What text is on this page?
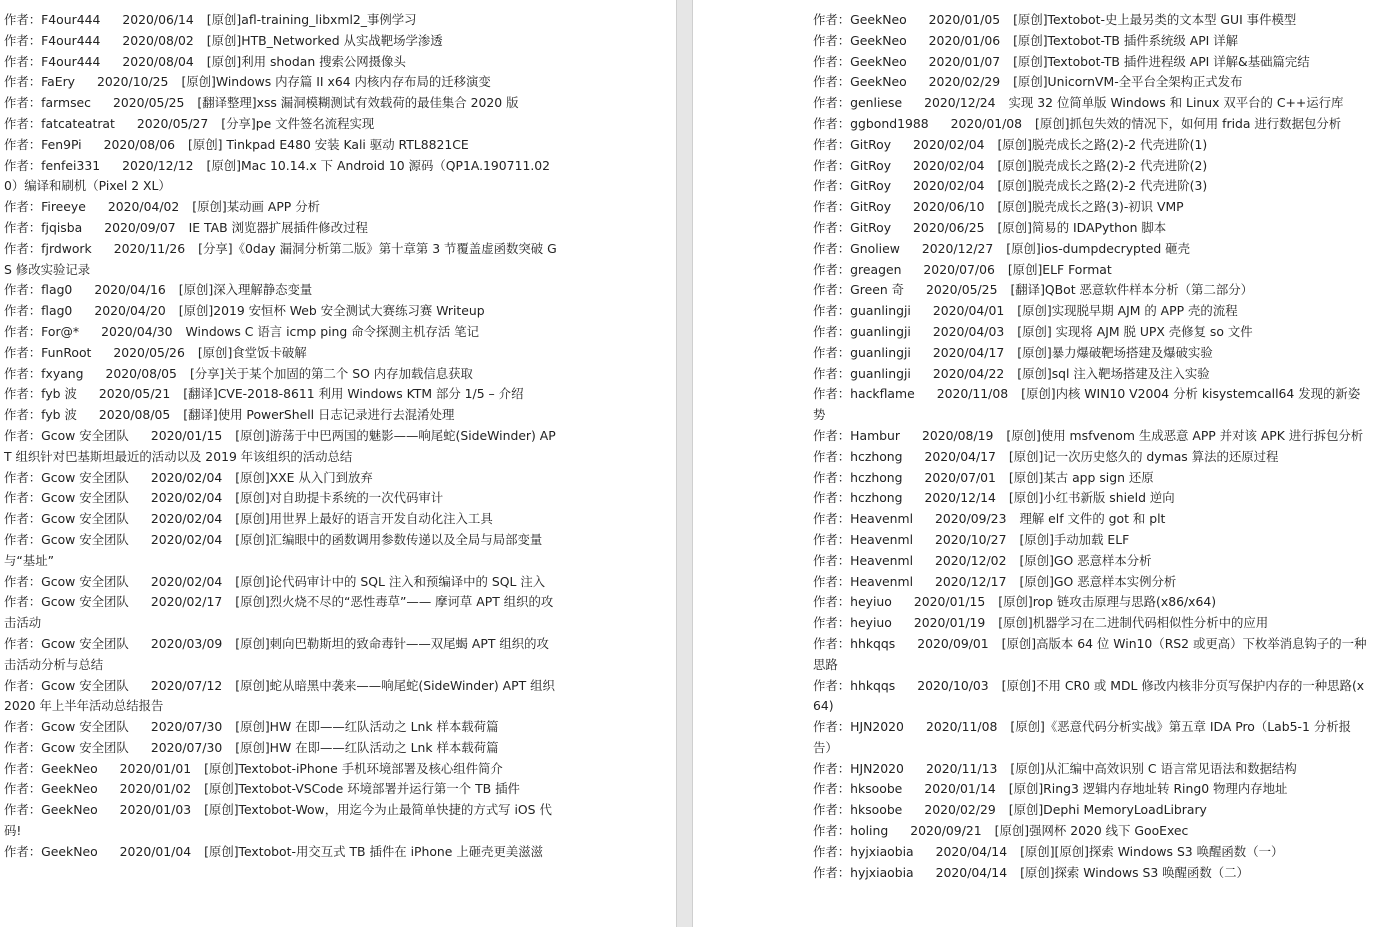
作者：F4our444 2020/06/14 [原创]afl-training_libxml2_事例学习

作者：F4our444 2020/08/02 [原创]HTB_Networked 从实战靶场学渗透

作者：F4our444 2020/08/04 [原创]利用 shodan 搜索公网摄像头

作者：FaEry 2020/10/25 [原创]Windows 内存篇 II x64 内核内存布局的迁移演变

作者：farmsec 2020/05/25 [翻译整理]xss 漏洞模糊测试有效载荷的最佳集合 2020 版

作者：fatcateatrat 2020/05/27 [分享]pe 文件签名流程实现

作者：Fen9Pi 2020/08/06 [原创] Tinkpad E480 安装 Kali 驱动 RTL8821CE

作者：fenfei331 2020/12/12 [原创]Mac 10.14.x 下 Android 10 源码（QP1A.190711.020）编译和刷机（Pixel 2 XL）

作者：Fireeye 2020/04/02 [原创]某动画 APP 分析

作者：fjqisba 2020/09/07 IE TAB 浏览器扩展插件修改过程

作者：fjrdwork 2020/11/26 [分享]《0day 漏洞分析第二版》第十章第 3 节覆盖虚函数突破 GS 修改实验记录

作者：flag0 2020/04/16 [原创]深入理解静态变量

作者：flag0 2020/04/20 [原创]2019 安恒杯 Web 安全测试大赛练习赛 Writeup

作者：For@* 2020/04/30 Windows C 语言 icmp ping 命令探测主机存活 笔记

作者：FunRoot 2020/05/26 [原创]食堂饭卡破解

作者：fxyang 2020/08/05 [分享]关于某个加固的第二个 SO 内存加载信息获取

作者：fyb 波 2020/05/21 [翻译]CVE-2018-8611 利用 Windows KTM 部分 1/5 – 介绍

作者：fyb 波 2020/08/05 [翻译]使用 PowerShell 日志记录进行去混淆处理

作者：Gcow 安全团队 2020/01/15 [原创]游荡于中巴两国的魅影——响尾蛇(SideWinder) APT 组织针对巴基斯坦最近的活动以及 2019 年该组织的活动总结

作者：Gcow 安全团队 2020/02/04 [原创]XXE 从入门到放弃

作者：Gcow 安全团队 2020/02/04 [原创]对自助提卡系统的一次代码审计

作者：Gcow 安全团队 2020/02/04 [原创]用世界上最好的语言开发自动化注入工具

作者：Gcow 安全团队 2020/02/04 [原创]汇编眼中的函数调用参数传递以及全局与局部变量与“基址”

作者：Gcow 安全团队 2020/02/04 [原创]论代码审计中的 SQL 注入和预编译中的 SQL 注入

作者：Gcow 安全团队 2020/02/17 [原创]烈火烧不尽的“恶性毒草”—— 摩诃草 APT 组织的攻击活动

作者：Gcow 安全团队 2020/03/09 [原创]刺向巴勒斯坦的致命毒针——双尾蝎 APT 组织的攻击活动分析与总结

作者：Gcow 安全团队 2020/07/12 [原创]蛇从暗黑中袭来——响尾蛇(SideWinder) APT 组织 2020 年上半年活动总结报告

作者：Gcow 安全团队 2020/07/30 [原创]HW 在即——红队活动之 Lnk 样本载荷篇

作者：Gcow 安全团队 2020/07/30 [原创]HW 在即——红队活动之 Lnk 样本载荷篇

作者：GeekNeo 2020/01/01 [原创]Textobot-iPhone 手机环境部署及核心组件简介

作者：GeekNeo 2020/01/02 [原创]Textobot-VSCode 环境部署并运行第一个 TB 插件

作者：GeekNeo 2020/01/03 [原创]Textobot-Wow，用迄今为止最简单快捷的方式写 iOS 代码!

作者：GeekNeo 2020/01/04 [原创]Textobot-用交互式 TB 插件在 iPhone 上砸壳更美滋滋

作者：GeekNeo 2020/01/05 [原创]Textobot-史上最另类的文本型 GUI 事件模型

作者：GeekNeo 2020/01/06 [原创]Textobot-TB 插件系统级 API 详解

作者：GeekNeo 2020/01/07 [原创]Textobot-TB 插件进程级 API 详解&基础篇完结

作者：GeekNeo 2020/02/29 [原创]UnicornVM-全平台全架构正式发布

作者：genliese 2020/12/24 实现 32 位简单版 Windows 和 Linux 双平台的 C++运行库

作者：ggbond1988 2020/01/08 [原创]抓包失效的情况下，如何用 frida 进行数据包分析

作者：GitRoy 2020/02/04 [原创]脱壳成长之路(2)-2 代壳进阶(1)

作者：GitRoy 2020/02/04 [原创]脱壳成长之路(2)-2 代壳进阶(2)

作者：GitRoy 2020/02/04 [原创]脱壳成长之路(2)-2 代壳进阶(3)

作者：GitRoy 2020/06/10 [原创]脱壳成长之路(3)-初识 VMP

作者：GitRoy 2020/06/25 [原创]简易的 IDAPython 脚本

作者：Gnoliew 2020/12/27 [原创]ios-dumpdecrypted 砸壳

作者：greagen 2020/07/06 [原创]ELF Format

作者：Green 奇 2020/05/25 [翻译]QBot 恶意软件样本分析（第二部分）

作者：guanlingji 2020/04/01 [原创]实现脱早期 AJM 的 APP 壳的流程

作者：guanlingji 2020/04/03 [原创] 实现将 AJM 脱 UPX 壳修复 so 文件

作者：guanlingji 2020/04/17 [原创]暴力爆破靶场搭建及爆破实验

作者：guanlingji 2020/04/22 [原创]sql 注入靶场搭建及注入实验

作者：hackflame 2020/11/08 [原创]内核 WIN10 V2004 分析 kisystemcall64 发现的新姿势

作者：Hambur 2020/08/19 [原创]使用 msfvenom 生成恶意 APP 并对该 APK 进行拆包分析

作者：hczhong 2020/04/17 [原创]记一次历史悠久的 dymas 算法的还原过程

作者：hczhong 2020/07/01 [原创]某古 app sign 还原

作者：hczhong 2020/12/14 [原创]小红书新版 shield 逆向

作者：Heavenml 2020/09/23 理解 elf 文件的 got 和 plt

作者：Heavenml 2020/10/27 [原创]手动加载 ELF

作者：Heavenml 2020/12/02 [原创]GO 恶意样本分析

作者：Heavenml 2020/12/17 [原创]GO 恶意样本实例分析

作者：heyiuo 2020/01/15 [原创]rop 链攻击原理与思路(x86/x64)

作者：heyiuo 2020/01/19 [原创]机器学习在二进制代码相似性分析中的应用

作者：hhkqqs 2020/09/01 [原创]高版本 64 位 Win10（RS2 或更高）下枚举消息钩子的一种思路

作者：hhkqqs 2020/10/03 [原创]不用 CR0 或 MDL 修改内核非分页写保护内存的一种思路(x64)

作者：HJN2020 2020/11/08 [原创]《恶意代码分析实战》第五章 IDA Pro（Lab5-1 分析报告）

作者：HJN2020 2020/11/13 [原创]从汇编中高效识别 C 语言常见语法和数据结构

作者：hksoobe 2020/01/14 [原创]Ring3 逻辑内存地址转 Ring0 物理内存地址

作者：hksoobe 2020/02/29 [原创]Dephi MemoryLoadLibrary

作者：holing 2020/09/21 [原创]强网杯 2020 线下 GooExec

作者：hyjxiaobia 2020/04/14 [原创][原创]探索 Windows S3 唤醒函数（一）

作者：hyjxiaobia 2020/04/14 [原创]探索 Windows S3 唤醒函数（二）
